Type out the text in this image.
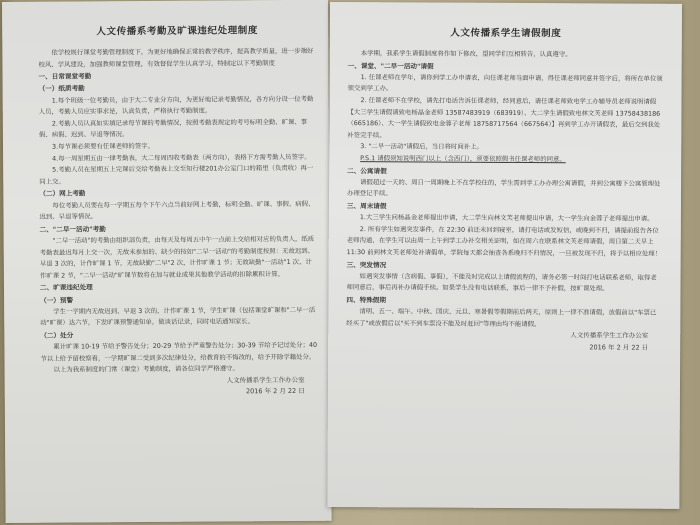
人文传播系考勤及旷课违纪处理制度

依学校规行课堂考勤管理制度下，为更好地确保正常的教学秩序，提高教学质量，进一步端好校风、学风建设，加强教师课堂管理，有效督促学生认真学习，特制定以下考勤制度

一、日常课堂考勤

（一）纸质考勤

1.每个班级一位考勤员，由于大二专业分方向，为更好地记录考勤情况，各方向分设一位考勤人员，考勤人员应实事求是，认真负责，严格执行考勤制度。

2.考勤人员认真如实填记录每节课的考勤情况，按照考勤表规定的考号标明全勤、旷课、事假、病假、迟到、早退等情况。

3.每节课必须要有任课老师的签字。

4.每一周星期五由一律考勤表，大二每周四收考勤表（两方向），表格下方需考勤人员签字。

5.考勤人员在星期五上完课后交给考勤表上交至知行楼201办公室门口的箱里（负责收）再一同上交。

（二）网上考勤

每位考勤人员要在每一学期五每个下午六点当前好网上考勤，标明全勤、旷课、事假、病假、迟到、早退等情况。

二、"二早一活动"考勤

"二早一活动"的考勤由组织部负责，由每天及每周五中午一点前上交给相对应的负责人，纸质考勤表最迟每月上交一次，无故未参加的、缺少的按如"二早一活动"的考勤制度按照：无故迟到、早退 3 次的，计作旷课 1 节，无故缺勤"二早"2 次，计作旷课 1 节；无故缺勤"一活动"1 次，计作旷课 2 节，"二早一活动"旷课节数将在加与就业成果其他教学活动的扣除累积计算。

二、旷课违纪处理

（一）预警

学生一学期内无故迟到、早退 3 次的，计作旷课 1 节，学生旷课（包括课堂旷课和"二早一活动"旷课）达六节，下发旷课预警通知单，做谈话记录，同时电话通知家长。

（二）处分

累计旷课 10-19 节给予警告处分；20-29 节给予严重警告处分；30-39 节给予记过处分；40 节以上给予留校察看，一学期旷课二受到多次纪律处分，给教育的不悔改的，给予开除学籍处分。

以上为我系制度的门常（课堂）考勤制度，请各位同学严格遵守。

人文传播系学生工作办公室

2016 年 2 月 22 日

人文传播系学生请假制度

本学期，我系学生请假制度将作如下修改，望同学们互相转告，认真遵守。

一、课堂、"二早一活动"请假

1. 任课老师在学年，请你到学工办申请表，向任课老师当面申请，得任课老师同意并签字后，将所在单位领领交到学工办。

2. 任课老师不在学校，请先打电话告诉任课老师，经同意后，请任课老师致电学工办辅导员老师说明请假【大三学生请假请致电杨晶金老师 13587483919（683919）、大二学生请假致电林文芙老师 13758438186（665186）、大一学生请假致电金蓉子老师 18758717564（667564）】再到学工办开请假表，最后交到我处补签完手续。

3. "二早一活动"请假后，当日将时间补上。

P.S.1 请假须知说明西门以上（含西门），须要依照假书任课老师的同意。

二、公寓请假

请假超过一天的、周日一周期晚上不在学校住的，学生需到学工办办理公寓请假，并到公寓楼下公寓管理处办理登记手续。

三、周末请假

1.大三学生问杨晶金老师提出申请，大二学生向林文芙老师提出申请，大一学生向金蓉子老师提出申请。

2. 所有学生如遇突发事件，在 22:30 前还未回到寝室，请打电话或发短信，或晚到不归，请提前报告各位老师沟通，在学生可以由周一上午到学工办补交相关证明，如在周六在联系林文芙老师请假，周日第二天早上 11:30 前到林文芙老师处补请假单，学院每天都会抽查各系晚归不归情况，一旦被发现不归，将予以相应处理！

三、突发情况

如遇突发事情（含病假、事假），不能及时完成以上请假流程的，请务必第一时间打电话联系老师，取得老师同意后，事后再补办请假手续。如果学生没有电话联系，事后一律不予补假，按旷课处理。

四、特殊假期

清明、五一、端午、中秋、国庆、元旦、寒暑假等假期前后两天，原则上一律不准请假，放假前以"车票已经买了"或放假后以"买不到车票没不能及时赶回"等理由均不能请假。

人文传播系学生工作办公室

2016 年 2 月 22 日
